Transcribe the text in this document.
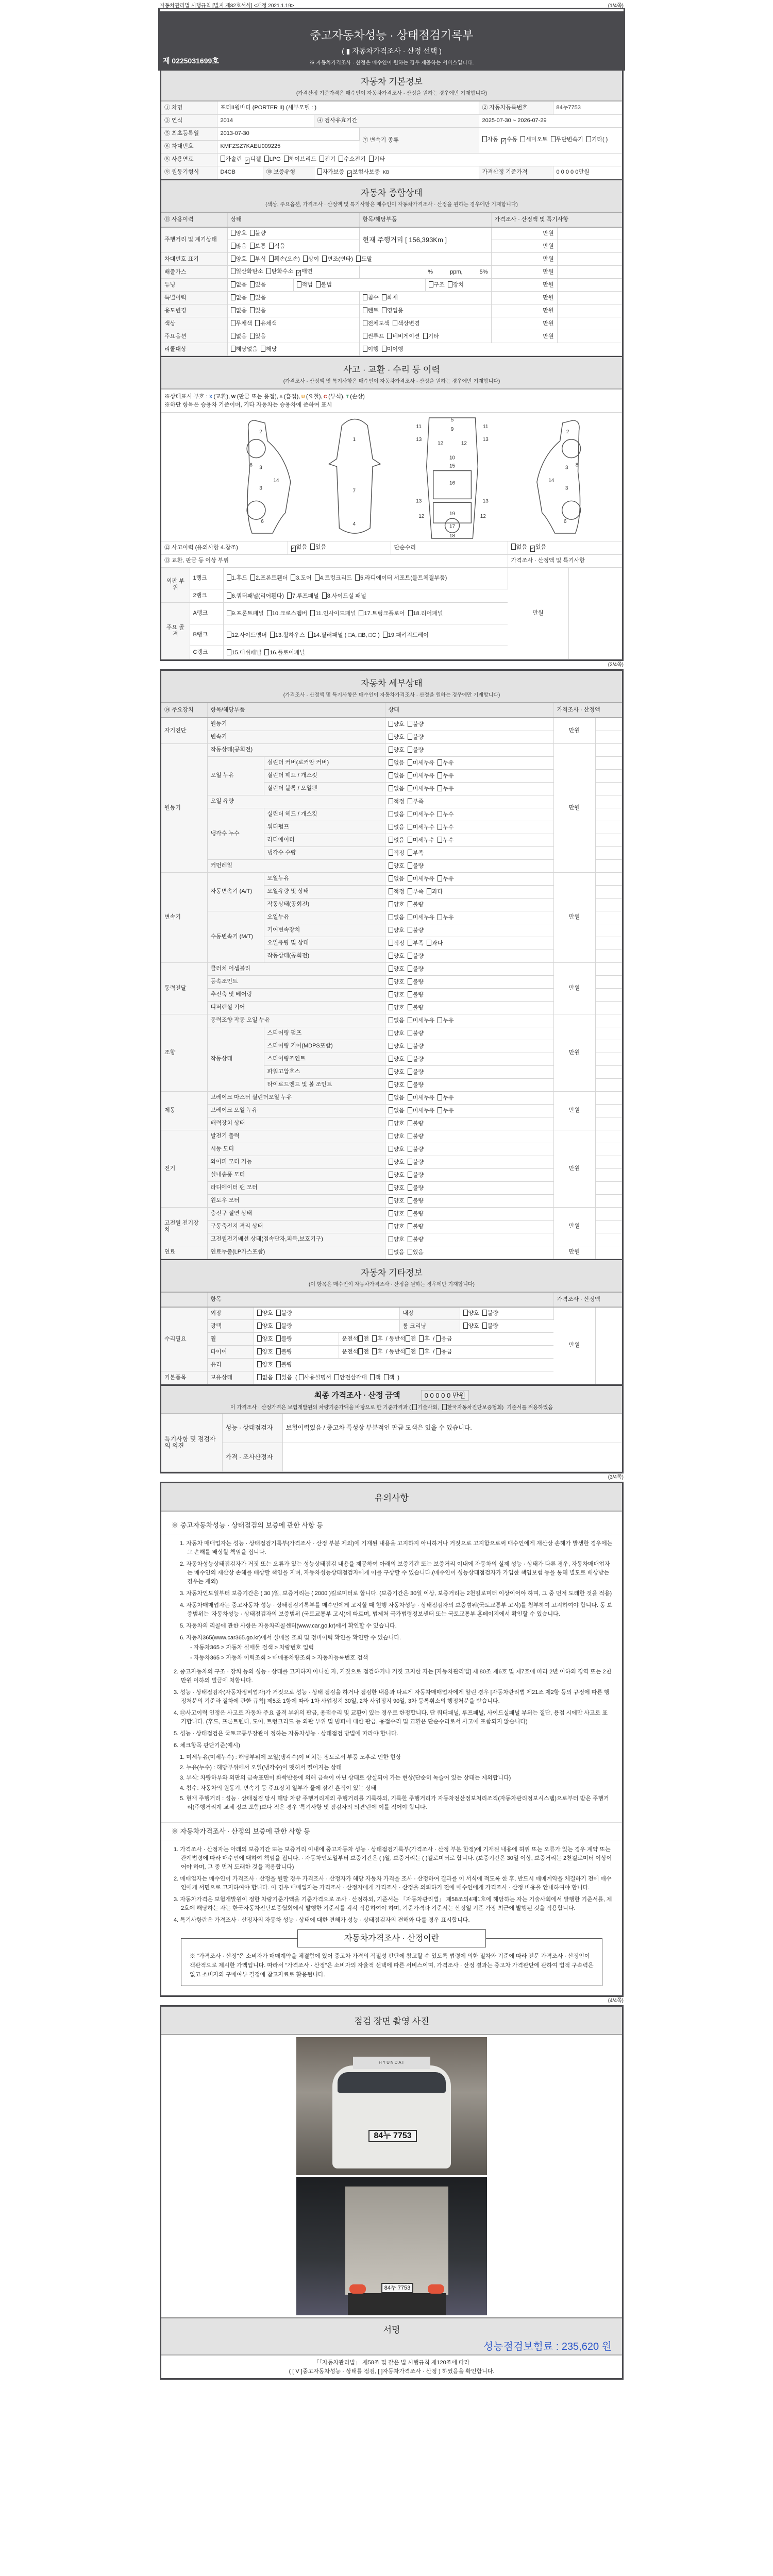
자동차관리법 시행규칙 [별지 제82호서식] <개정 2021.1.19>	(1/4쪽)
중고자동차성능 · 상태점검기록부
( ▮ 자동차가격조사 · 산정 선택 )
※ 자동차가격조사 · 산정은 매수인이 원하는 경우 제공하는 서비스입니다.
제 0225031699호
자동차 기본정보

(가격산정 기준가격은 매수인이 자동차가격조사 · 산정을 원하는 경우에만 기재합니다)

① 차명	포터II윙바디 (PORTER II) (세부모델 : )				② 자동차등록번호	84누7753
③ 연식	2014		④ 검사유효기간		2025-07-30 ~ 2026-07-29	
⑤ 최초등록일	2013-07-30			⑦ 변속기 종류	자동 ✓ 수동 세미오토 무단변속기 기타( )
⑥ 차대번호	KMFZSZ7KAEU009225					
⑧ 사용연료	가솔린 ✓ 디젤 LPG 하이브리드 전기 수소전기 기타
⑨ 원동기형식	D4CB	⑩ 보증유형	자가보증 ✓ 보험사보증 KB		가격산정 기준가격	0 0 0 0 0만원
자동차 종합상태

(색상, 주요옵션, 가격조사 · 산정액 및 특기사항은 매수인이 자동차가격조사 · 산정을 원하는 경우에만 기재합니다)

⑪ 사용이력	상태		항목/해당부품		가격조사 · 산정액 및 특기사항	
주행거리 및 계기상태	양호 불량		현재 주행거리 [ 156,393Km ]		만원	
	많음 보통 적음				만원	
차대번호 표기	양호 부식 훼손(오손) 상이 변조(변타) 도말				만원	
배출가스	일산화탄소 탄화수소 ✓ 매연		% ppm, 5%		만원	
튜닝	없음 있음	적법 불법		구조 장치	만원	
특별이력	없음 있음		침수 화재		만원	
용도변경	없음 있음		렌트 영업용		만원	
색상	무채색 유채색		전체도색 색상변경		만원	
주요옵션	없음 있음		썬루프 네비게이션 기타		만원	
리콜대상	해당없음 해당		이행 미이행			
사고 · 교환 · 수리 등 이력

(가격조사 · 산정액 및 특기사항은 매수인이 자동차가격조사 · 산정을 원하는 경우에만 기재합니다)

※상태표시 부호 : X (교환), W (판금 또는 용접), A (흠집), U (요철), C (부식), T (손상)
※하단 항목은 승용차 기준이며, 기타 자동차는 승용차에 준하여 표시
1
2	2
3
3
3
3
4
5
6	6
7
8	8
9
10
11	11
12	12
12	12
13	13
13	13
14	14
15
16
17
18
19
⑫ 사고이력 (유의사항 4.참조)	✓없음 있음	단순수리	없음 ✓ 있음
⑬ 교환, 판금 등 이상 부위			가격조사 · 산정액 및 특기사항
외판 부위	1랭크	1.후드 2.프론트휀더 3.도어 4.트렁크리드 5.라디에이터 서포트(볼트체결부품)	만원	
	2랭크	6.쿼터패널(리어휀다) 7.루프패널 8.사이드실 패널		
주요 골격	A랭크	9.프론트패널 10.크로스멤버 11.인사이드패널 17.트렁크플로어 18.리어패널		
	B랭크	12.사이드멤버 13.휠하우스 14.필러패널 ( □A, □B, □C ) 19.패키지트레이		
	C랭크	15.대쉬패널 16.플로어패널		
(2/4쪽)
자동차 세부상태

(가격조사 · 산정액 및 특기사항은 매수인이 자동차가격조사 · 산정을 원하는 경우에만 기재합니다)

⑭ 주요장치	항목/해당부품		상태	가격조사 · 산정액	
자기진단	원동기		양호 불량	만원	
	변속기		양호 불량		
원동기	작동상태(공회전)		양호 불량	만원	
	오일 누유	실린더 커버(로커암 커버)	없음 미세누유 누유		
		실린더 헤드 / 개스킷	없음 미세누유 누유		
		실린더 블록 / 오일팬	없음 미세누유 누유		
	오일 유량		적정 부족		
	냉각수 누수	실린더 헤드 / 개스킷	없음 미세누수 누수		
		워터펌프	없음 미세누수 누수		
		라디에이터	없음 미세누수 누수		
		냉각수 수량	적정 부족		
	커먼레일		양호 불량		
변속기	자동변속기 (A/T)	오일누유	없음 미세누유 누유	만원	
		오일유량 및 상태	적정 부족 과다		
		작동상태(공회전)	양호 불량		
	수동변속기 (M/T)	오일누유	없음 미세누유 누유		
		기어변속장치	양호 불량		
		오일유량 및 상태	적정 부족 과다		
		작동상태(공회전)	양호 불량		
동력전달	클러치 어셈블리		양호 불량	만원	
	등속조인트		양호 불량		
	추진축 및 베어링		양호 불량		
	디퍼렌셜 기어		양호 불량		
조향	동력조향 작동 오일 누유		없음 미세누유 누유	만원	
	작동상태	스티어링 펌프	양호 불량		
		스티어링 기어(MDPS포함)	양호 불량		
		스티어링조인트	양호 불량		
		파워고압호스	양호 불량		
		타이로드엔드 및 볼 조인트	양호 불량		
제동	브레이크 마스터 실린더오일 누유		없음 미세누유 누유	만원	
	브레이크 오일 누유		없음 미세누유 누유		
	배력장치 상태		양호 불량		
전기	발전기 출력		양호 불량	만원	
	시동 모터		양호 불량		
	와이퍼 모터 기능		양호 불량		
	실내송풍 모터		양호 불량		
	라디에이터 팬 모터		양호 불량		
	윈도우 모터		양호 불량		
고전원 전기장치	충전구 절연 상태		양호 불량	만원	
	구동축전지 격리 상태		양호 불량		
	고전원전기배선 상태(접속단자,피복,보호기구)		양호 불량		
연료	연료누출(LP가스포함)		없음 있음	만원	
자동차 기타정보

(이 항목은 매수인이 자동차가격조사 · 산정을 원하는 경우에만 기재합니다)

	항목					가격조사 · 산정액	
수리필요	외장	양호 불량		내장	양호 불량	만원	
	광택	양호 불량		룸 크리닝	양호 불량		
	휠	양호 불량	운전석 전 후 / 동반석 전 후 / 응급				
	타이어	양호 불량	운전석 전 후 / 동반석 전 후 / 응급				
	유리	양호 불량					
기본품목	보유상태	없음 있음 ( 사용설명서 안전삼각대 잭 잭 )					
최종 가격조사 · 산정 금액	0 0 0 0 0 만원
이 가격조사 · 산정가격은 보험개발원의 차량기준가액을 바탕으로 한 기준가격과 ( 기술사회, 한국자동차진단보증협회) 기준서를 적용하였음
특기사항 및 점검자의 의견	성능 · 상태점검자	보험이력있음 / 중고차 특성상 부분적인 판금 도색은 있을 수 있습니다.
	가격 · 조사산정자	
(3/4쪽)
유의사항
※ 중고자동차성능 · 상태점검의 보증에 관한 사항 등
1. 자동차 매매업자는 성능 · 상태점검기록부(가격조사 · 산정 부분 제외)에 기재된 내용을 고지하지 아니하거나 거짓으로 고지함으로써 매수인에게 재산상 손해가 발생한 경우에는 그 손해를 배상할 책임을 집니다.
2. 자동차성능상태점검자가 거짓 또는 오류가 있는 성능상태점검 내용을 제공하여 아래의 보증기간 또는 보증거리 이내에 자동차의 실제 성능 · 상태가 다른 경우, 자동차매매업자는 매수인의 재산상 손해를 배상할 책임을 지며, 자동차성능상태점검자에게 이를 구상할 수 있습니다.(매수인이 성능상태점검자가 가입한 책임보험 등을 통해 별도로 배상받는 경우는 제외)
3. 자동차인도일부터 보증기간은 ( 30 )일, 보증거리는 ( 2000 )킬로미터로 합니다. (보증기간은 30일 이상, 보증거리는 2천킬로미터 이상이어야 하며, 그 중 먼저 도래한 것을 적용)
4. 자동차매매업자는 중고자동차 성능 · 상태점검기록부를 매수인에게 고지할 때 현행 자동차성능 · 상태점검자의 보증범위(국토교통부 고시)를 첨부하여 고지하여야 합니다. 동 보증범위는 '자동차성능 · 상태점검자의 보증범위 (국토교통부 고시)에 따르며, 법제처 국가법령정보센터 또는 국토교통부 홈페이지에서 확인할 수 있습니다.
5. 자동차의 리콜에 관한 사항은 자동차리콜센터(www.car.go.kr)에서 확인할 수 있습니다.
6. 자동차365(www.car365.go.kr)에서 실매물 조회 및 정비이력 확인을 확인할 수 있습니다.
- 자동차365 > 자동차 실매물 검색 > 차량번호 입력
- 자동차365 > 자동차 이력조회 > 매매용차량조회 > 자동차등록번호 검색
2. 중고자동차의 구조 · 장치 등의 성능 · 상태를 고지하지 아니한 자, 거짓으로 점검하거나 거짓 고지한 자는 [자동차관리법] 제 80조 제6호 및 제7호에 따라 2년 이하의 징역 또는 2천만원 이하의 벌금에 처합니다.
3. 성능 · 상태점검자(자동차정비업자)가 거짓으로 성능 · 상태 점검을 하거나 점검한 내용과 다르게 자동차매매업자에게 알린 경우 [자동차관리법 제21조 제2항 등의 규정에 따른 행정처분의 기준과 절차에 관한 규칙] 제5조 1항에 따라 1차 사업정지 30일, 2차 사업정지 90일, 3차 등록취소의 행정처분을 받습니다.
4. ⑫사고이력 인정은 사고로 자동차 주요 골격 부위의 판금, 용접수리 및 교환이 있는 경우로 한정합니다. 단 쿼터패널, 루프패널, 사이드실패널 부위는 절단, 용접 시에만 사고로 표기합니다. (후드, 프론트펜더, 도어, 트렁크리드 등 외판 부위 및 범퍼에 대한 판금, 용접수리 및 교환은 단순수리로서 사고에 포함되지 않습니다)
5. 성능 · 상태점검은 국토교통부장관이 정하는 자동차성능 · 상태점검 방법에 따라야 합니다.
6. 체크항목 판단기준(예시)
1. 미세누유(미세누수) : 해당부위에 오일(냉각수)이 비치는 정도로서 부품 노후로 인한 현상
2. 누유(누수) : 해당부위에서 오일(냉각수)이 맺혀서 떨어지는 상태
3. 부식: 차량하부와 외판의 금속표면이 화학반응에 의해 금속이 아닌 상태로 상실되어 가는 현상(단순히 녹슬어 있는 상태는 제외합니다)
4. 침수: 자동차의 원동기, 변속기 등 주요장치 일부가 물에 잠긴 흔적이 있는 상태
5. 현재 주행거리 : 성능 · 상태점검 당시 해당 차량 주행거리계의 주행거리를 기록하되, 기록한 주행거리가 자동차전산정보처리조직(자동차관리정보시스템)으로부터 받은 주행거리(주행거리계 교체 정보 포함)보다 적은 경우 '특기사항 및 점검자의 의견'란에 이를 적어야 합니다.
※ 자동차가격조사 · 산정의 보증에 관한 사항 등
1. 가격조사 · 산정자는 아래의 보증기간 또는 보증거리 이내에 중고자동차 성능 · 상태점검기록부(가격조사 · 산정 부분 한정)에 기재된 내용에 허위 또는 오류가 있는 경우 계약 또는 관계법령에 따라 매수인에 대하여 책임을 집니다. · 자동차인도일부터 보증기간은 ( )일, 보증거리는 ( )킬로미터로 합니다. (보증기간은 30일 이상, 보증거리는 2천킬로미터 이상이어야 하며, 그 중 먼저 도래한 것을 적용합니다)
2. 매매업자는 매수인이 가격조사 · 산정을 원할 경우 가격조사 · 산정자가 해당 자동차 가격을 조사 · 산정하여 결과를 이 서식에 적도록 한 후, 반드시 매매계약을 체결하기 전에 매수인에게 서면으로 고지하여야 합니다. 이 경우 매매업자는 가격조사 · 산정자에게 가격조사 · 산정을 의뢰하기 전에 매수인에게 가격조사 · 산정 비용을 안내하여야 합니다.
3. 자동차가격은 보험개발원이 정한 차량기준가액을 기준가격으로 조사 · 산정하되, 기준서는 「자동차관리법」 제58조의4제1호에 해당하는 자는 기술사회에서 발행한 기준서를, 제2호에 해당하는 자는 한국자동차진단보증협회에서 발행한 기준서를 각각 적용하여야 하며, 기준가격과 기준서는 산정일 기준 가장 최근에 발행된 것을 적용합니다.
4. 특기사항란은 가격조사 · 산정자의 자동차 성능 · 상태에 대한 견해가 성능 · 상태점검자의 견해와 다를 경우 표시합니다.
자동차가격조사 · 산정이란

※ "가격조사 · 산정"은 소비자가 매매계약을 체결함에 있어 중고차 가격의 적절성 판단에 참고할 수 있도록 법령에 의한 절차와 기준에 따라 전문 가격조사 · 산정인이 객관적으로 제시한 가액입니다. 따라서 "가격조사 · 산정"은 소비자의 자율적 선택에 따른 서비스이며, 가격조사 · 산정 결과는 중고차 가격판단에 관하여 법적 구속력은 없고 소비자의 구매여부 결정에 참고자료로 활용됩니다.

(4/4쪽)
점검 장면 촬영 사진
HYUNDAI
84누 7753
84누 7753
서명
성능점검보험료 : 235,620 원
「「자동차관리법」 제58조 및 같은 법 시행규칙 제120조에 따라
( [ V ]중고자동차성능 · 상태를 점검, [ ]자동차가격조사 · 산정 ) 하였음을 확인합니다.
